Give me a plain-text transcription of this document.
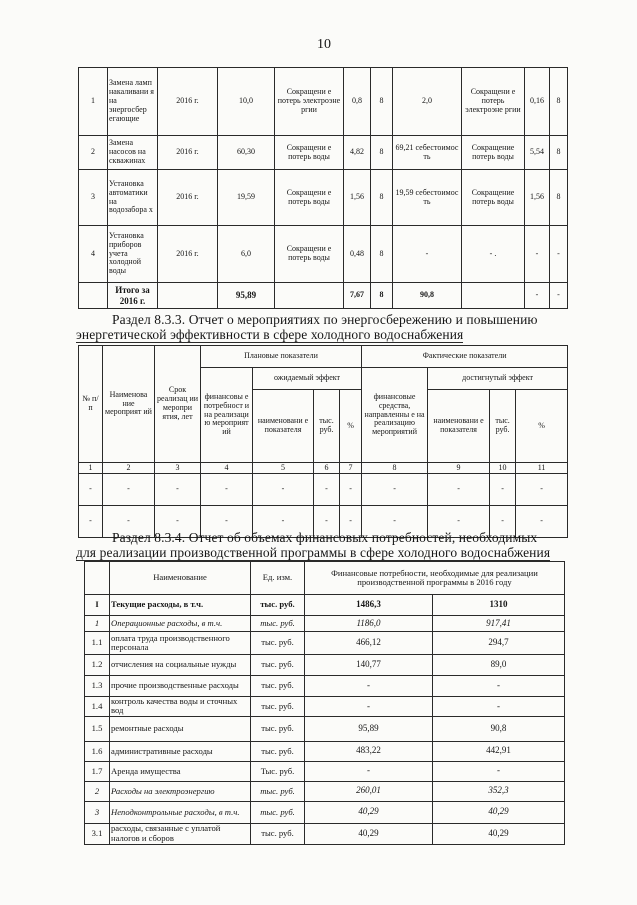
10
1	Замена ламп накаливани я на энергосбер егающие	2016 г.	10,0	Сокращени е потерь электроэне ргии	0,8	8	2,0	Сокращени е потерь электроэне ргии	0,16	8
2	Замена насосов на скважинах	2016 г.	60,30	Сокращени е потерь воды	4,82	8	69,21 себестоимос ть	Сокращение потерь воды	5,54	8
3	Установка автоматики на водозабора х	2016 г.	19,59	Сокращени е потерь воды	1,56	8	19,59 себестоимос ть	Сокращение потерь воды	1,56	8
4	Установка приборов учета холодной воды	2016 г.	6,0	Сокращени е потерь воды	0,48	8	-	- .	-	-
	Итого за 2016 г.		95,89		7,67	8	90,8		-	-
Раздел 8.3.3. Отчет о мероприятиях по энергосбережению и повышению
энергетической эффективности в сфере холодного водоснабжения
№ п/ п	Наименова ние мероприят ий	Срок реализац ии меропри ятия, лет	Плановые показатели				Фактические показатели			
			финансовы е потребност и на реализаци ю мероприят ий	ожидаемый эффект			финансовые средства, направленны е на реализацию мероприятий	достигнутый эффект		
				наименовани е показателя	тыс. руб.	%		наименовани е показателя	тыс. руб.	%
1	2	3	4	5	6	7	8	9	10	11
-	-	-	-	-	-	-	-	-	-	-
-	-	-	-	-	-	-	-	-	-	-
Раздел 8.3.4. Отчет об объемах финансовых потребностей, необходимых
для реализации производственной программы в сфере холодного водоснабжения
	Наименование	Ед. изм.	Финансовые потребности, необходимые для реализации производственной программы в 2016 году	
I	Текущие расходы, в т.ч.	тыс. руб.	1486,3	1310
1	Операционные расходы, в т.ч.	тыс. руб.	1186,0	917,41
1.1	оплата труда производственного персонала	тыс. руб.	466,12	294,7
1.2	отчисления на социальные нужды	тыс. руб.	140,77	89,0
1.3	прочие производственные расходы	тыс. руб.	-	-
1.4	контроль качества воды и сточных вод	тыс. руб.	-	-
1.5	ремонтные расходы	тыс. руб.	95,89	90,8
1.6	административные расходы	тыс. руб.	483,22	442,91
1.7	Аренда имущества	Тыс. руб.	-	-
2	Расходы на электроэнергию	тыс. руб.	260,01	352,3
3	Неподконтрольные расходы, в т.ч.	тыс. руб.	40,29	40,29
3.1	расходы, связанные с уплатой налогов и сборов	тыс. руб.	40,29	40,29
